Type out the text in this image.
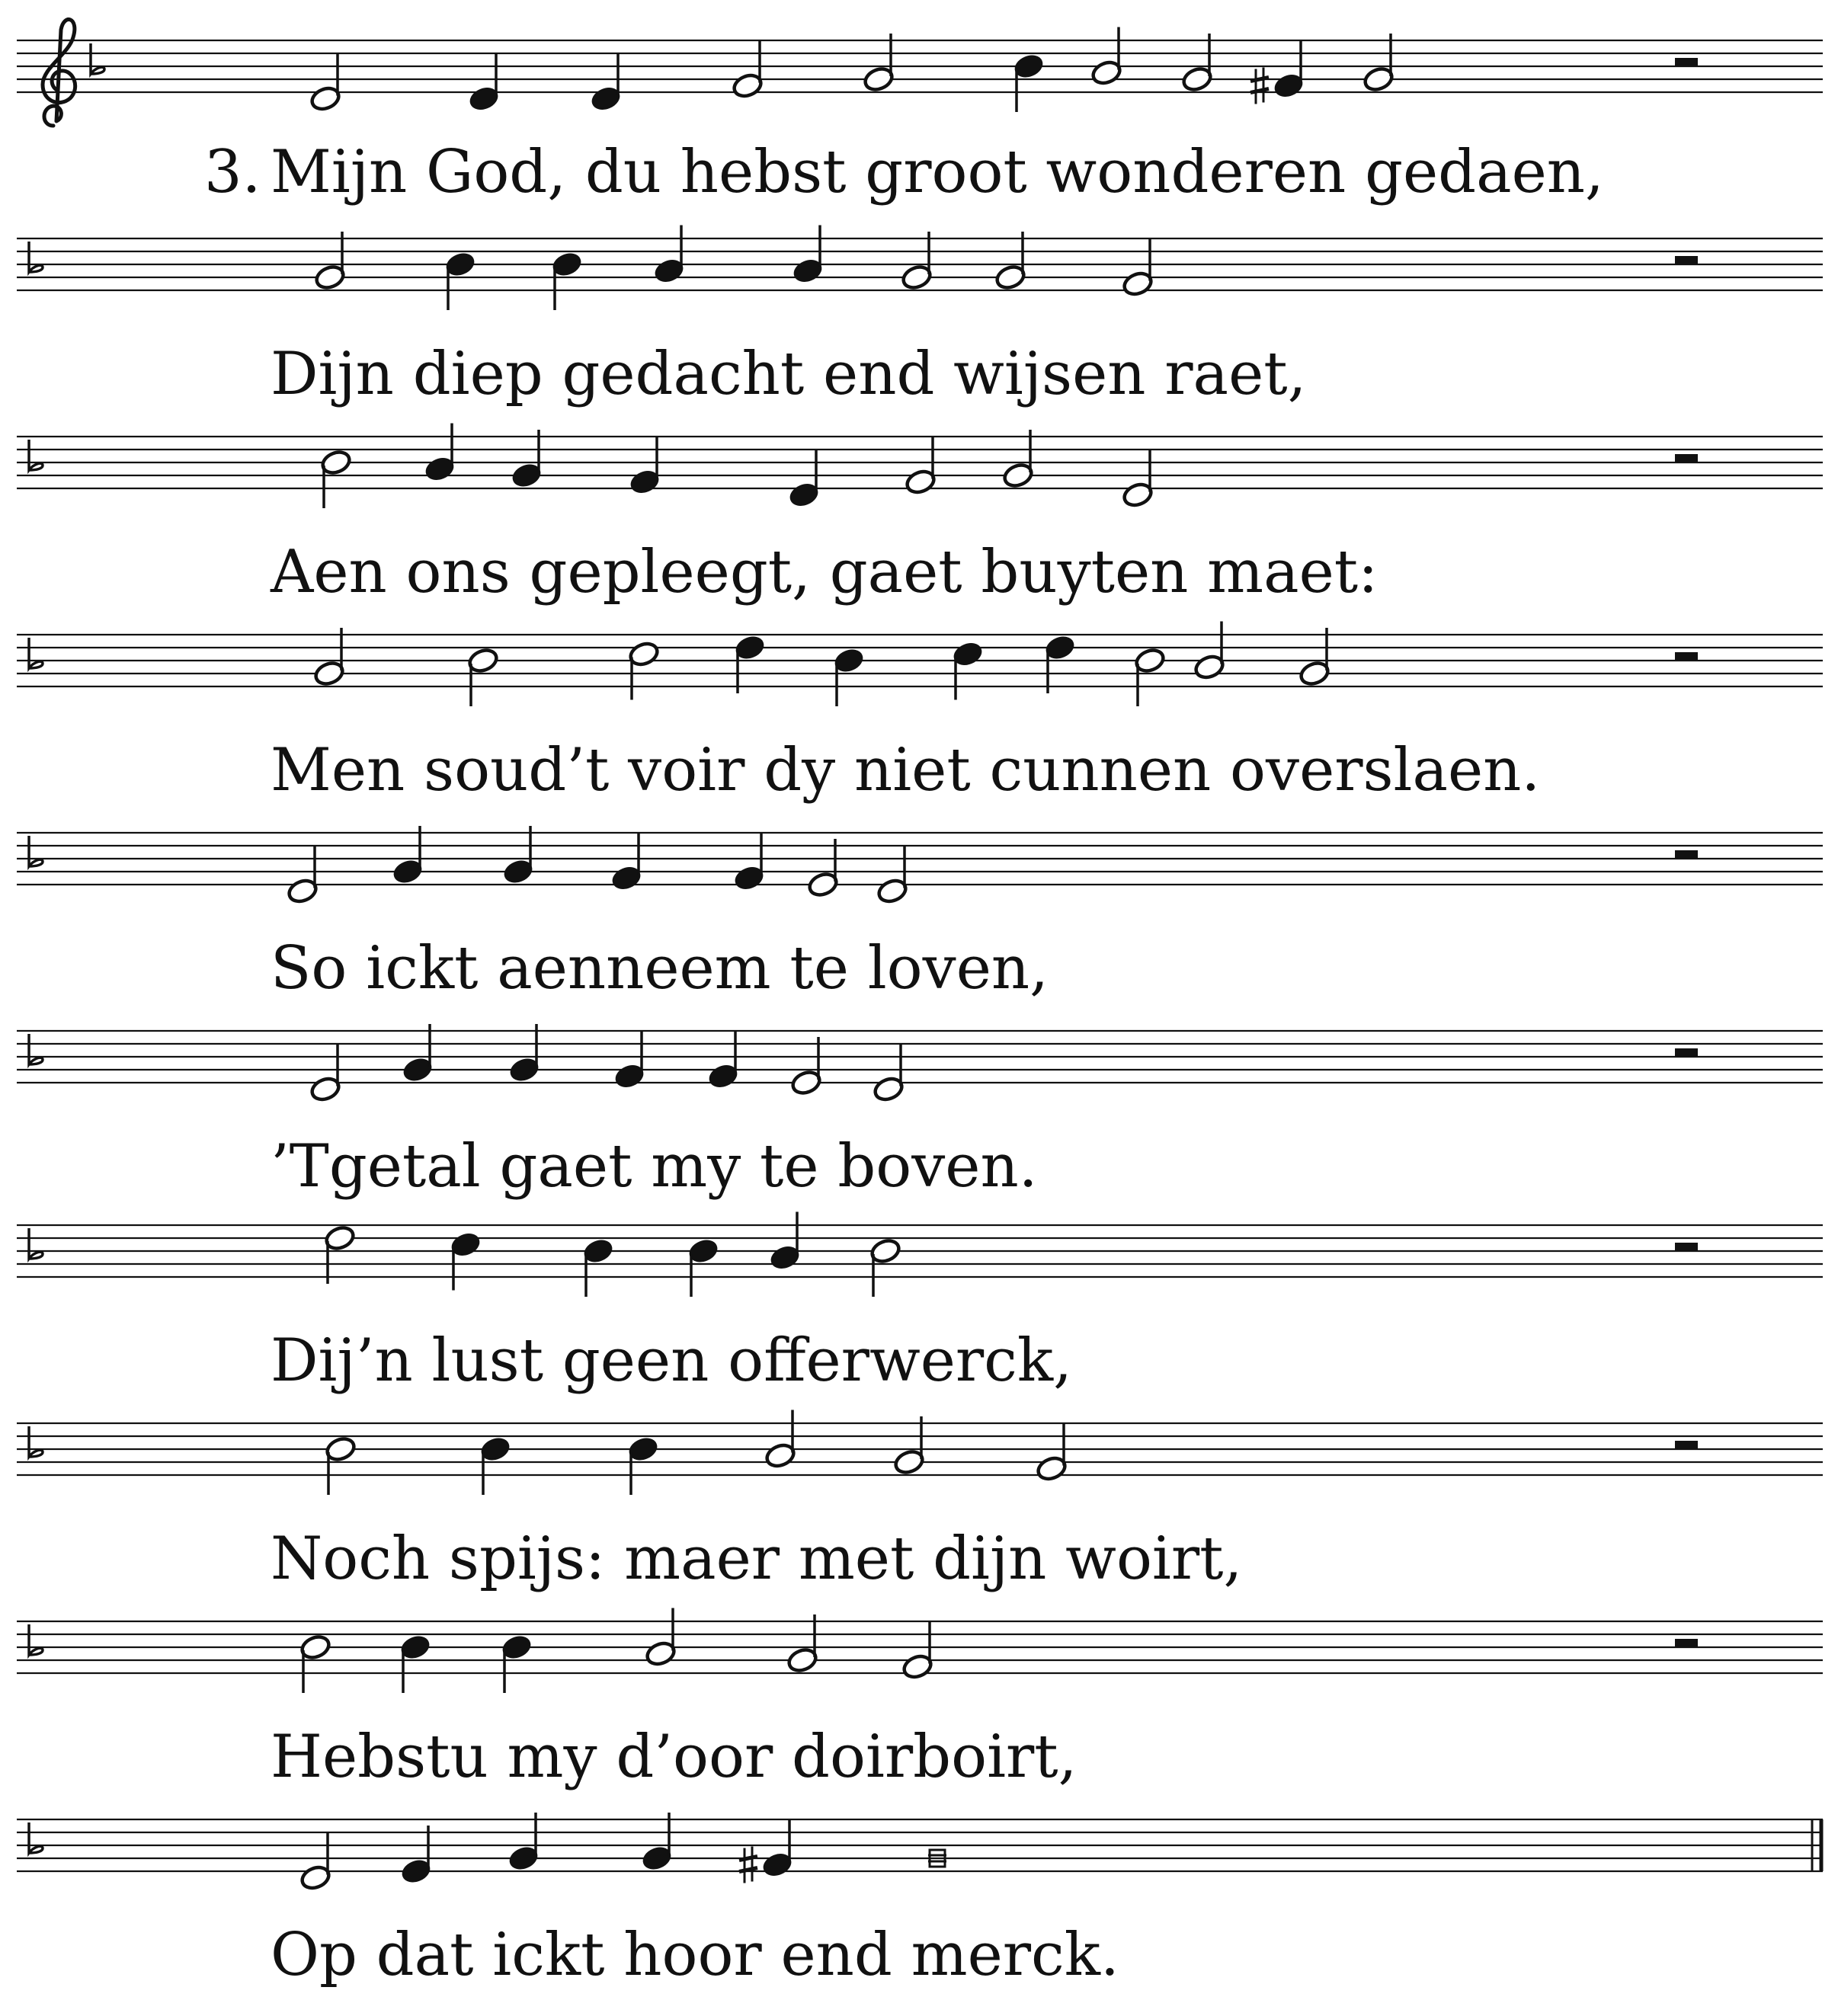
3. Mijn God, du hebst groot wonderen gedaen,
Dijn diep gedacht end wijsen raet,
Aen ons gepleegt, gaet buyten maet:
Men soud’t voir dy niet cunnen overslaen.
So ickt aenneem te loven,
’Tgetal gaet my te boven.
Dij’n lust geen offerwerck,
Noch spijs: maer met dijn woirt,
Hebstu my d’oor doirboirt,
Op dat ickt hoor end merck.
